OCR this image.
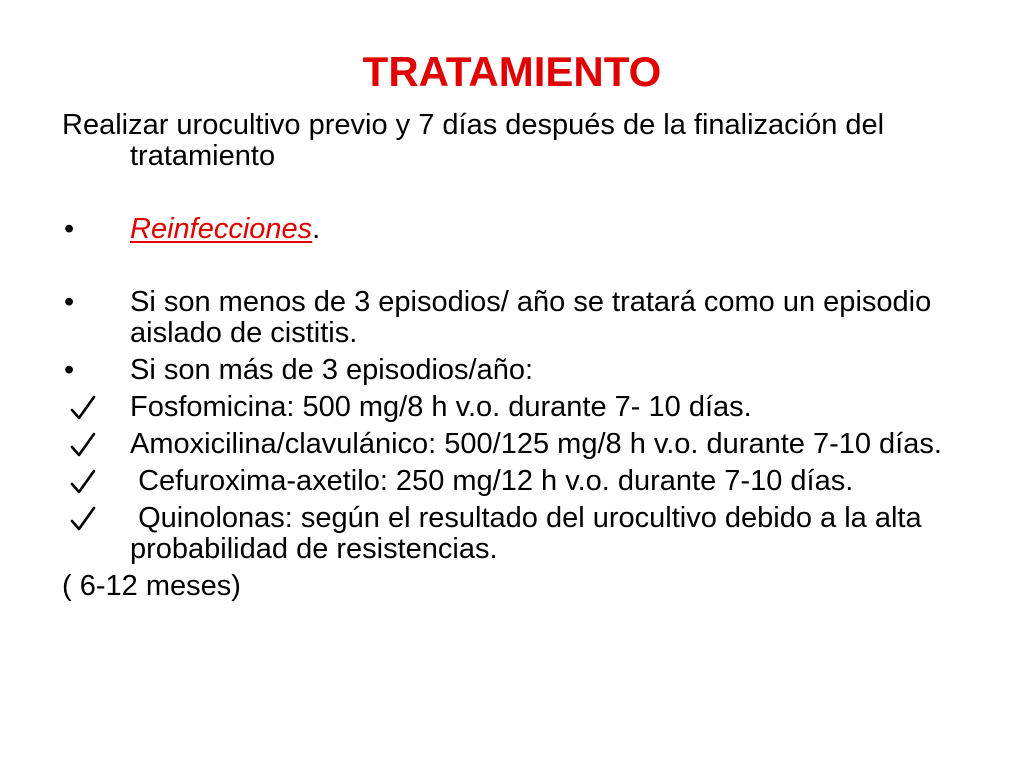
TRATAMIENTO

Realizar urocultivo previo y 7 días después de la finalización del tratamiento

•	Reinfecciones.
•	Si son menos de 3 episodios/ año se tratará como un episodio aislado de cistitis.
•	Si son más de 3 episodios/año:
Fosfomicina: 500 mg/8 h v.o. durante 7- 10 días.
Amoxicilina/clavulánico: 500/125 mg/8 h v.o. durante 7-10 días.
Cefuroxima-axetilo: 250 mg/12 h v.o. durante 7-10 días.
Quinolonas: según el resultado del urocultivo debido a la alta probabilidad de resistencias.

( 6-12 meses)
